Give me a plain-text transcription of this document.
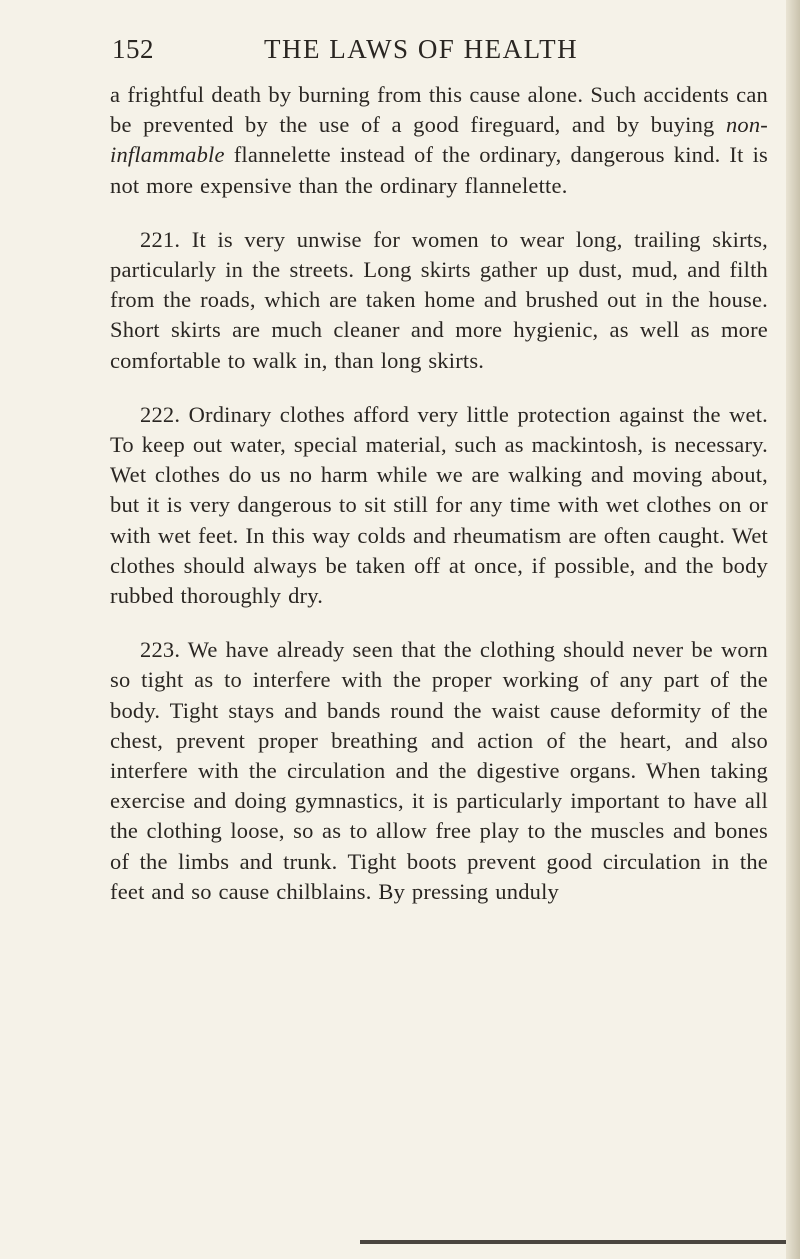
152	THE LAWS OF HEALTH

a frightful death by burning from this cause alone. Such accidents can be prevented by the use of a good fireguard, and by buying non-inflammable flannelette instead of the ordinary, dangerous kind. It is not more expensive than the ordinary flannelette.

221. It is very unwise for women to wear long, trailing skirts, particularly in the streets. Long skirts gather up dust, mud, and filth from the roads, which are taken home and brushed out in the house. Short skirts are much cleaner and more hygienic, as well as more comfortable to walk in, than long skirts.

222. Ordinary clothes afford very little protection against the wet. To keep out water, special material, such as mackintosh, is necessary. Wet clothes do us no harm while we are walking and moving about, but it is very dangerous to sit still for any time with wet clothes on or with wet feet. In this way colds and rheumatism are often caught. Wet clothes should always be taken off at once, if possible, and the body rubbed thoroughly dry.

223. We have already seen that the clothing should never be worn so tight as to interfere with the proper working of any part of the body. Tight stays and bands round the waist cause deformity of the chest, prevent proper breathing and action of the heart, and also interfere with the circulation and the digestive organs. When taking exercise and doing gymnastics, it is particularly important to have all the clothing loose, so as to allow free play to the muscles and bones of the limbs and trunk. Tight boots prevent good circulation in the feet and so cause chilblains. By pressing unduly
